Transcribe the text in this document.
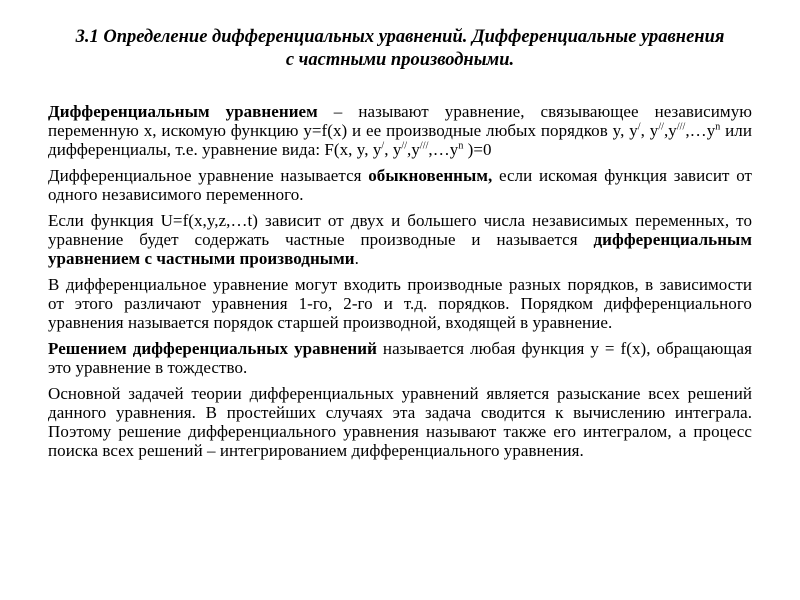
3.1 Определение дифференциальных уравнений. Дифференциальные уравнения
с частными производными.

Дифференциальным уравнением – называют уравнение, связывающее независимую переменную x, искомую функцию y=f(x) и ее производные любых порядков y, y/, $y^{//},y^{///},\dots y^n$ или дифференциалы, т.е. уравнение вида: F(x, y, y/, $y^{//},y^{///},\dots y^n$ )=0

Дифференциальное уравнение называется обыкновенным, если искомая функция зависит от одного независимого переменного.

Если функция U=f(x,y,z,…t) зависит от двух и большего числа независимых переменных, то уравнение будет содержать частные производные и называется дифференциальным уравнением с частными производными.

В дифференциальное уравнение могут входить производные разных порядков, в зависимости от этого различают уравнения 1-го, 2-го и т.д. порядков. Порядком дифференциального уравнения называется порядок старшей производной, входящей в уравнение.

Решением дифференциальных уравнений называется любая функция y = f(x), обращающая это уравнение в тождество.

Основной задачей теории дифференциальных уравнений является разыскание всех решений данного уравнения. В простейших случаях эта задача сводится к вычислению интеграла. Поэтому решение дифференциального уравнения называют также его интегралом, а процесс поиска всех решений – интегрированием дифференциального уравнения.
